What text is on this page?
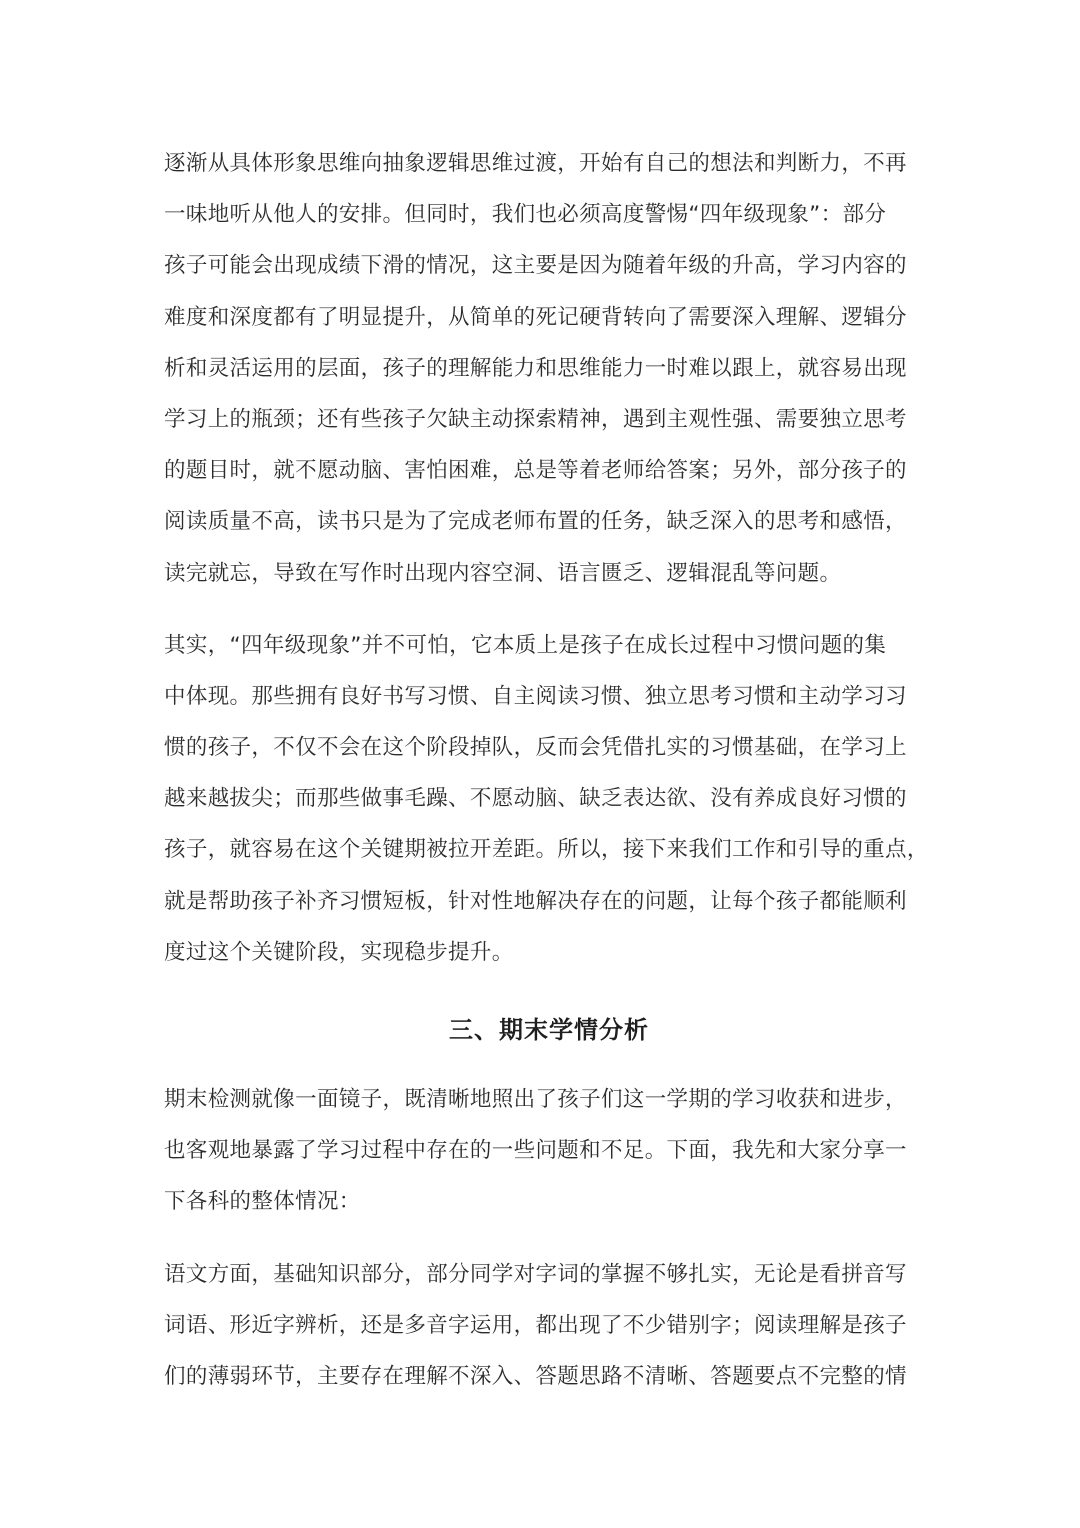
逐渐从具体形象思维向抽象逻辑思维过渡，开始有自己的想法和判断力，不再
一味地听从他人的安排。但同时，我们也必须高度警惕“四年级现象”：部分
孩子可能会出现成绩下滑的情况，这主要是因为随着年级的升高，学习内容的
难度和深度都有了明显提升，从简单的死记硬背转向了需要深入理解、逻辑分
析和灵活运用的层面，孩子的理解能力和思维能力一时难以跟上，就容易出现
学习上的瓶颈；还有些孩子欠缺主动探索精神，遇到主观性强、需要独立思考
的题目时，就不愿动脑、害怕困难，总是等着老师给答案；另外，部分孩子的
阅读质量不高，读书只是为了完成老师布置的任务，缺乏深入的思考和感悟，
读完就忘，导致在写作时出现内容空洞、语言匮乏、逻辑混乱等问题。
其实，“四年级现象”并不可怕，它本质上是孩子在成长过程中习惯问题的集
中体现。那些拥有良好书写习惯、自主阅读习惯、独立思考习惯和主动学习习
惯的孩子，不仅不会在这个阶段掉队，反而会凭借扎实的习惯基础，在学习上
越来越拔尖；而那些做事毛躁、不愿动脑、缺乏表达欲、没有养成良好习惯的
孩子，就容易在这个关键期被拉开差距。所以，接下来我们工作和引导的重点，
就是帮助孩子补齐习惯短板，针对性地解决存在的问题，让每个孩子都能顺利
度过这个关键阶段，实现稳步提升。
三、期末学情分析
期末检测就像一面镜子，既清晰地照出了孩子们这一学期的学习收获和进步，
也客观地暴露了学习过程中存在的一些问题和不足。下面，我先和大家分享一
下各科的整体情况：
语文方面，基础知识部分，部分同学对字词的掌握不够扎实，无论是看拼音写
词语、形近字辨析，还是多音字运用，都出现了不少错别字；阅读理解是孩子
们的薄弱环节，主要存在理解不深入、答题思路不清晰、答题要点不完整的情
